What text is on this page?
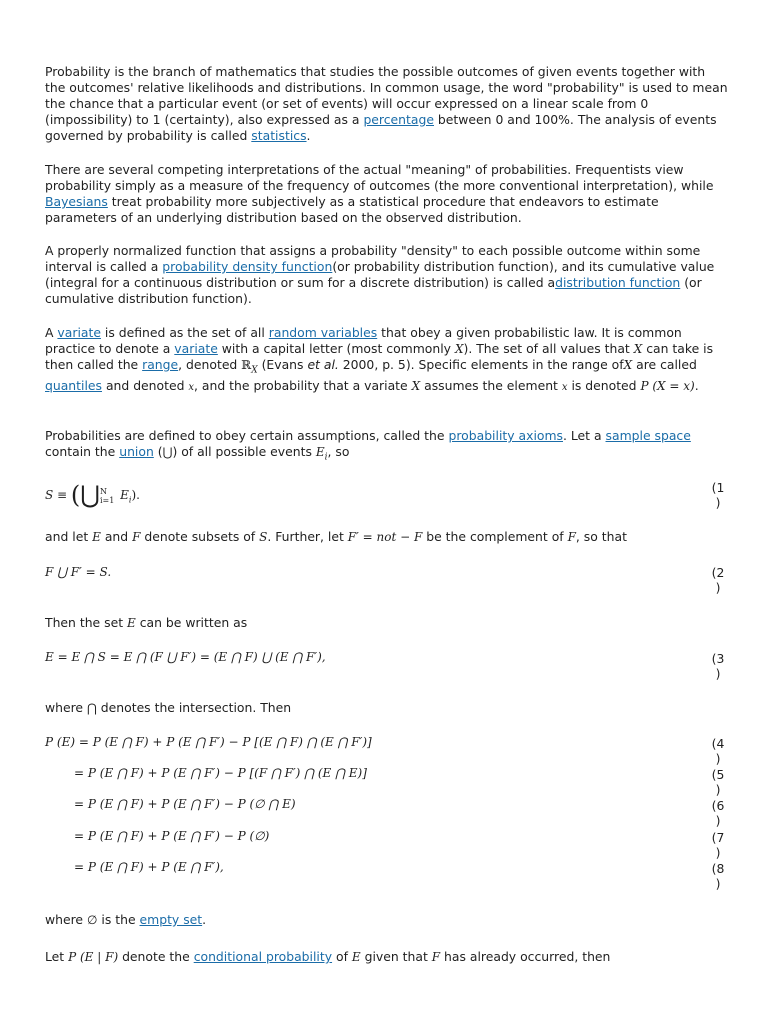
Probability is the branch of mathematics that studies the possible outcomes of given events together with the outcomes' relative likelihoods and distributions. In common usage, the word "probability" is used to mean the chance that a particular event (or set of events) will occur expressed on a linear scale from 0 (impossibility) to 1 (certainty), also expressed as a percentage between 0 and 100%. The analysis of events governed by probability is called statistics.

There are several competing interpretations of the actual "meaning" of probabilities. Frequentists view probability simply as a measure of the frequency of outcomes (the more conventional interpretation), while Bayesians treat probability more subjectively as a statistical procedure that endeavors to estimate parameters of an underlying distribution based on the observed distribution.

A properly normalized function that assigns a probability "density" to each possible outcome within some interval is called a probability density function(or probability distribution function), and its cumulative value (integral for a continuous distribution or sum for a discrete distribution) is called adistribution function (or cumulative distribution function).

A variate is defined as the set of all random variables that obey a given probabilistic law. It is common practice to denote a variate with a capital letter (most commonly X). The set of all values that X can take is then called the range, denoted ℝ$_X$ (Evans et al. 2000, p. 5). Specific elements in the range ofX are called quantiles and denoted x, and the probability that a variate X assumes the element x is denoted P (X = x).

Probabilities are defined to obey certain assumptions, called the probability axioms. Let a sample space contain the union (⋃) of all possible events $E_i$, so

S ≡ (⋃ N
i=1 $E_i$).	(1
)

and let E and F denote subsets of S. Further, let F′ = not − F be the complement of F, so that

F ⋃ F′ = S.	(2
)

Then the set E can be written as

E = E ⋂ S = E ⋂ (F ⋃ F′) = (E ⋂ F) ⋃ (E ⋂ F′),	(3
)

where ⋂ denotes the intersection. Then

P (E) = P (E ⋂ F) + P (E ⋂ F′) − P [(E ⋂ F) ⋂ (E ⋂ F′)]	(4
)
= P (E ⋂ F) + P (E ⋂ F′) − P [(F ⋂ F′) ⋂ (E ⋂ E)]	(5
)
= P (E ⋂ F) + P (E ⋂ F′) − P (∅ ⋂ E)	(6
)
= P (E ⋂ F) + P (E ⋂ F′) − P (∅)	(7
)
= P (E ⋂ F) + P (E ⋂ F′),	(8
)

where ∅ is the empty set.

Let P (E | F) denote the conditional probability of E given that F has already occurred, then
